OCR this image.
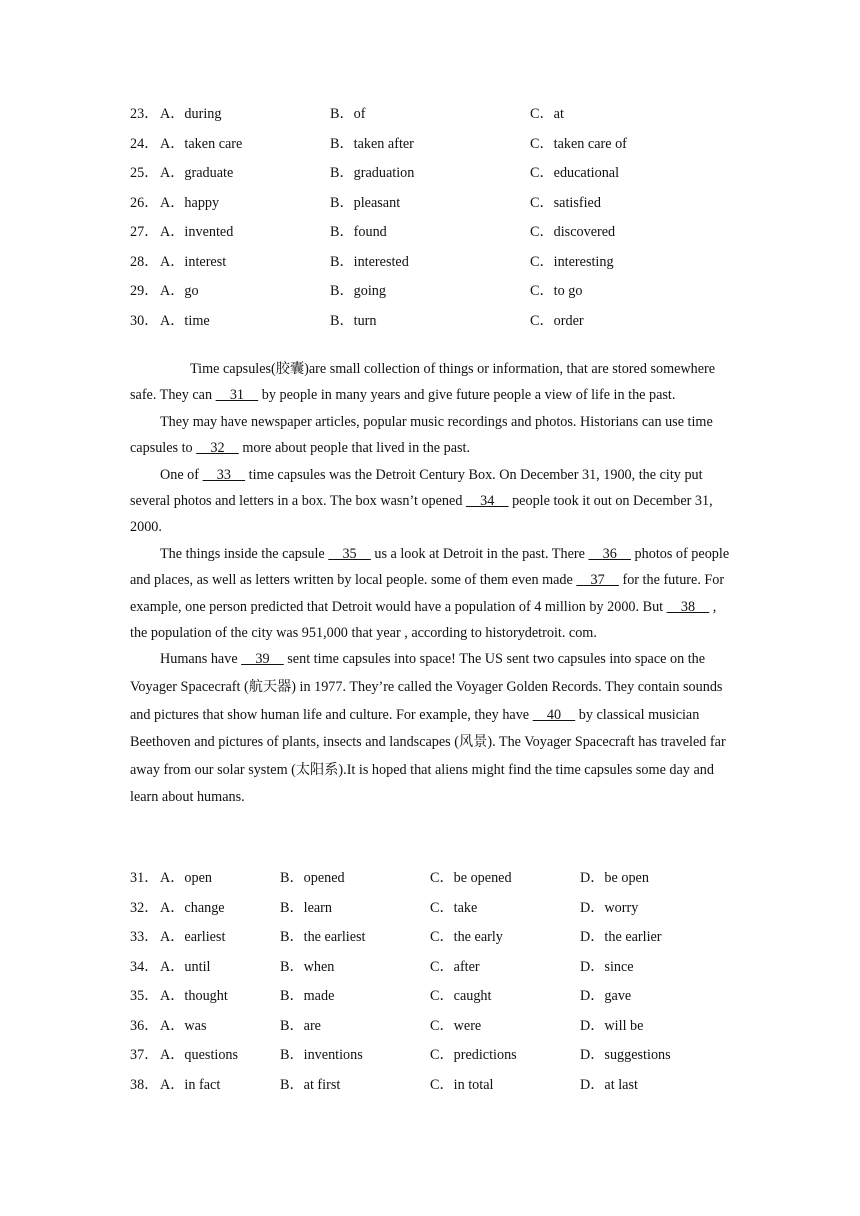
23． A．during	B．of	C．at
24． A．taken care	B．taken after	C．taken care of
25． A．graduate	B．graduation	C．educational
26． A．happy	B．pleasant	C．satisfied
27． A．invented	B．found	C．discovered
28． A．interest	B．interested	C．interesting
29． A．go	B．going	C．to go
30． A．time	B．turn	C．order

Time capsules(胶囊)are small collection of things or information, that are stored somewhere safe. They can     31     by people in many years and give future people a view of life in the past.

They may have newspaper articles, popular music recordings and photos. Historians can use time capsules to     32     more about people that lived in the past.

One of     33     time capsules was the Detroit Century Box. On December 31, 1900, the city put several photos and letters in a box. The box wasn’t opened     34     people took it out on December 31, 2000.

The things inside the capsule     35     us a look at Detroit in the past. There     36     photos of people and places, as well as letters written by local people. some of them even made     37     for the future. For example, one person predicted that Detroit would have a population of 4 million by 2000. But     38     , the population of the city was 951,000 that year , according to historydetroit. com.

Humans have     39     sent time capsules into space! The US sent two capsules into space on the Voyager Spacecraft (航天器) in 1977. They’re called the Voyager Golden Records. They contain sounds and pictures that show human life and culture. For example, they have     40     by classical musician Beethoven and pictures of plants, insects and landscapes (风景). The Voyager Spacecraft has traveled far away from our solar system (太阳系).It is hoped that aliens might find the time capsules some day and learn about humans.

31． A．open	B．opened	C．be opened	D．be open
32． A．change	B．learn	C．take	D．worry
33． A．earliest	B．the earliest	C．the early	D．the earlier
34． A．until	B．when	C．after	D．since
35． A．thought	B．made	C．caught	D．gave
36． A．was	B．are	C．were	D．will be
37． A．questions	B．inventions	C．predictions	D．suggestions
38． A．in fact	B．at first	C．in total	D．at last
